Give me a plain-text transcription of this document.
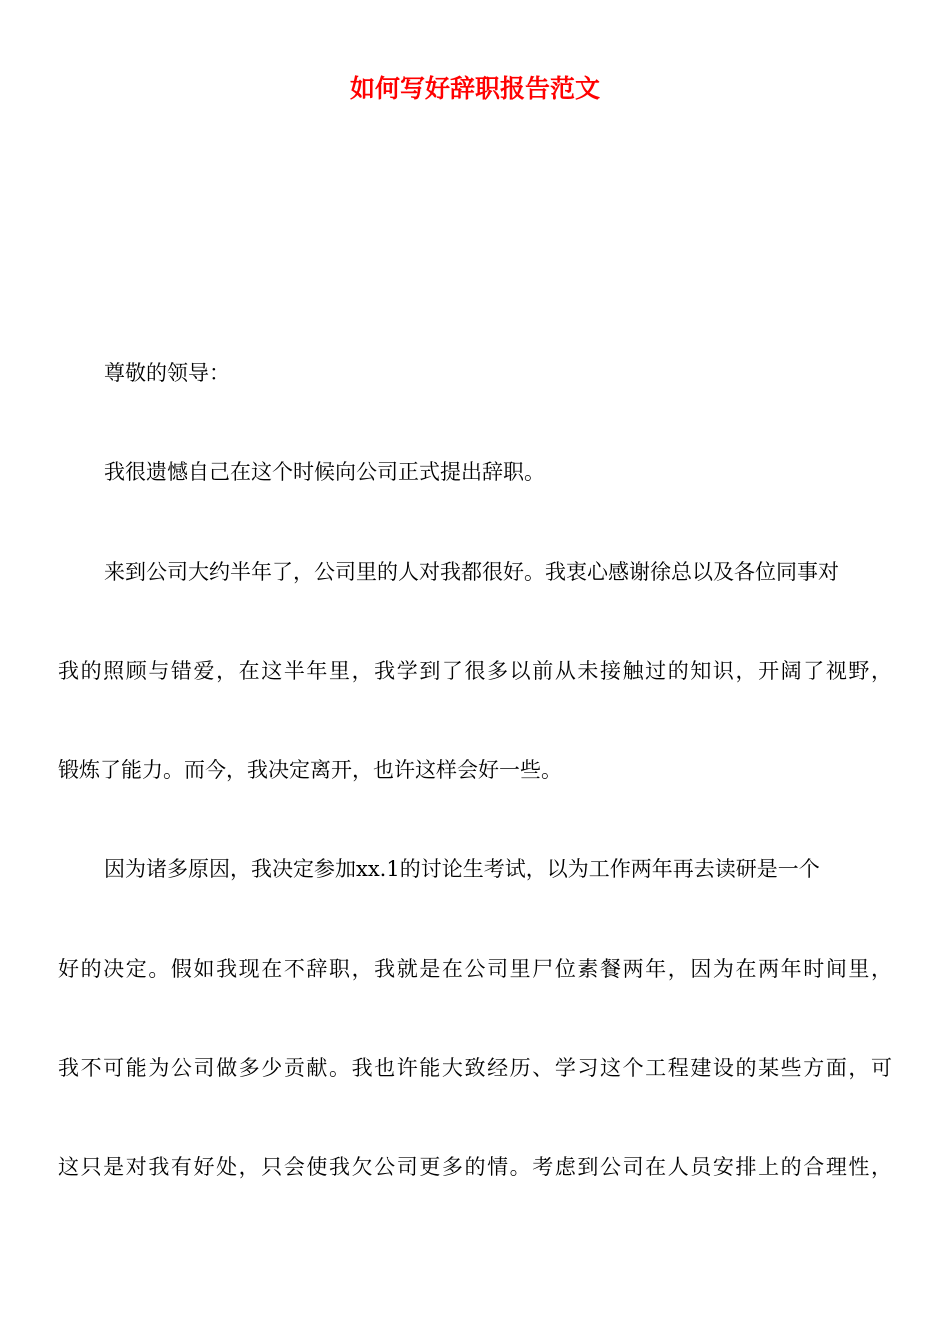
如何写好辞职报告范文
尊敬的领导：
我很遗憾自己在这个时候向公司正式提出辞职。
来到公司大约半年了，公司里的人对我都很好。我衷心感谢徐总以及各位同事对
我的照顾与错爱，在这半年里，我学到了很多以前从未接触过的知识，开阔了视野，
锻炼了能力。而今，我决定离开，也许这样会好一些。
因为诸多原因，我决定参加xx.1的讨论生考试，以为工作两年再去读研是一个
好的决定。假如我现在不辞职，我就是在公司里尸位素餐两年，因为在两年时间里，
我不可能为公司做多少贡献。我也许能大致经历、学习这个工程建设的某些方面，可
这只是对我有好处，只会使我欠公司更多的情。考虑到公司在人员安排上的合理性，
